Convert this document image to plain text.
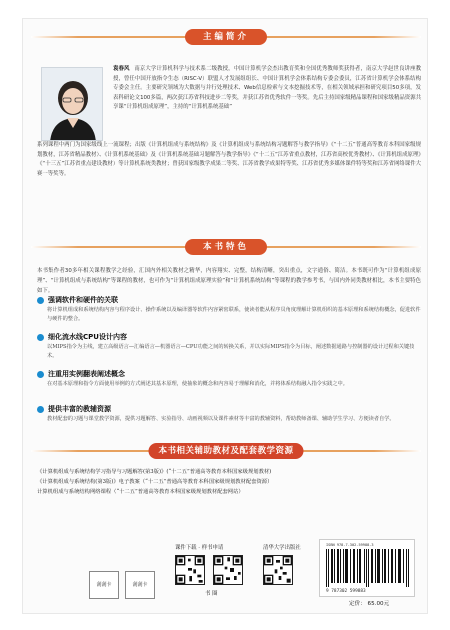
主编简介
袁春风 南京大学计算机科学与技术系二级教授，中国计算机学会杰出教育奖和全国优秀教师奖获得者，南京大学赵世良讲座教授，曾任中国开放指令生态（RISC-V）联盟人才发展组组长、中国计算机学会体系结构专委会委员，江苏省计算机学会体系结构专委会主任。主要研究领域为大数据与并行处理技术、Web信息检索与文本挖掘技术等，在相关领域承担和研究项目50多项，发表科研论文100多篇，两次获江苏省科技进步二等奖，并获江苏省优秀软件一等奖。先后主持国家级精品课程和国家级精品资源共享课“计算机组成原理”，主持的“计算机系统基础”
系列课程中两门为国家级线上一流课程；出版《计算机组成与系统结构》及《计算机组成与系统结构习题解答与教学指导》《“十二五”普通高等教育本科国家级规划教材，江苏省精品教材）、《计算机系统基础》及《计算机系统基础习题解答与教学指导》《“十二五”江苏省重点教材，江苏省高校优秀教材）、《计算机组成原理》《“十三五”江苏省重点建设教材）等计算机系统类教材；曾获国家级教学成果二等奖、江苏省教学成果特等奖、江苏省优秀多媒体课件特等奖和江苏省网络课件大赛一等奖等。
本书特色
本书集作者30多年相关课程教学之经验，汇国内外相关教材之精华，内容翔实、完整，结构清晰，突出重点，文字通俗、简洁。本书既可作为“计算机组成原理”、“计算机组成与系统结构”等课程的教材，也可作为“计算机组成原理实验”和“计算机系统结构”等课程的教学参考书，与国内外同类教材相比，本书主要特色如下。
强调软件和硬件的关联
将计算机组成和系统结构内容与程序设计、操作系统以及编译器等软件内容紧密联系，使读者能从程序员角度理解计算机组织的基本原理和系统结构概念，促进软件与硬件的整合。
细化流水线CPU设计内容
以MIPS指令为主线，建立高级语言—汇编语言—机器语言—CPU功能之间的转换关系，并以实际MIPS指令为目标，阐述数据通路与控制器的设计过程和关键技术。
注重用实例翻表阐述概念
在对基本原理和指令方面使用举例的方式阐述其基本原理，使抽象的概念和内容易于理解和消化，并将体系结构融入指令实践之中。
提供丰富的教辅资源
教材配套的习题与课堂教学资源，提供习题解答、实验指导、动画视频以及课件素材等丰富的教辅资料，帮助教师备课、辅助学生学习、方便读者自学。
本书相关辅助教材及配套教学资源
《计算机组成与系统结构学习指导与习题解答(第3版)》(“十二五”普通高等教育本科国家级规划教材)
《计算机组成与系统结构(第3版)》电子教案（“十二五”普通高等教育本科国家级规划教材配套资源）
计算机组成与系统结构网络课程（“十二五”普通高等教育本科国家级规划教材配套网站）
刮刮卡	刮刮卡
课件下载 · 样书申请	清华大学出版社
书 圈
ISBN 978-7-302-59988-3
9 787302 599883
定价： 65.00元
